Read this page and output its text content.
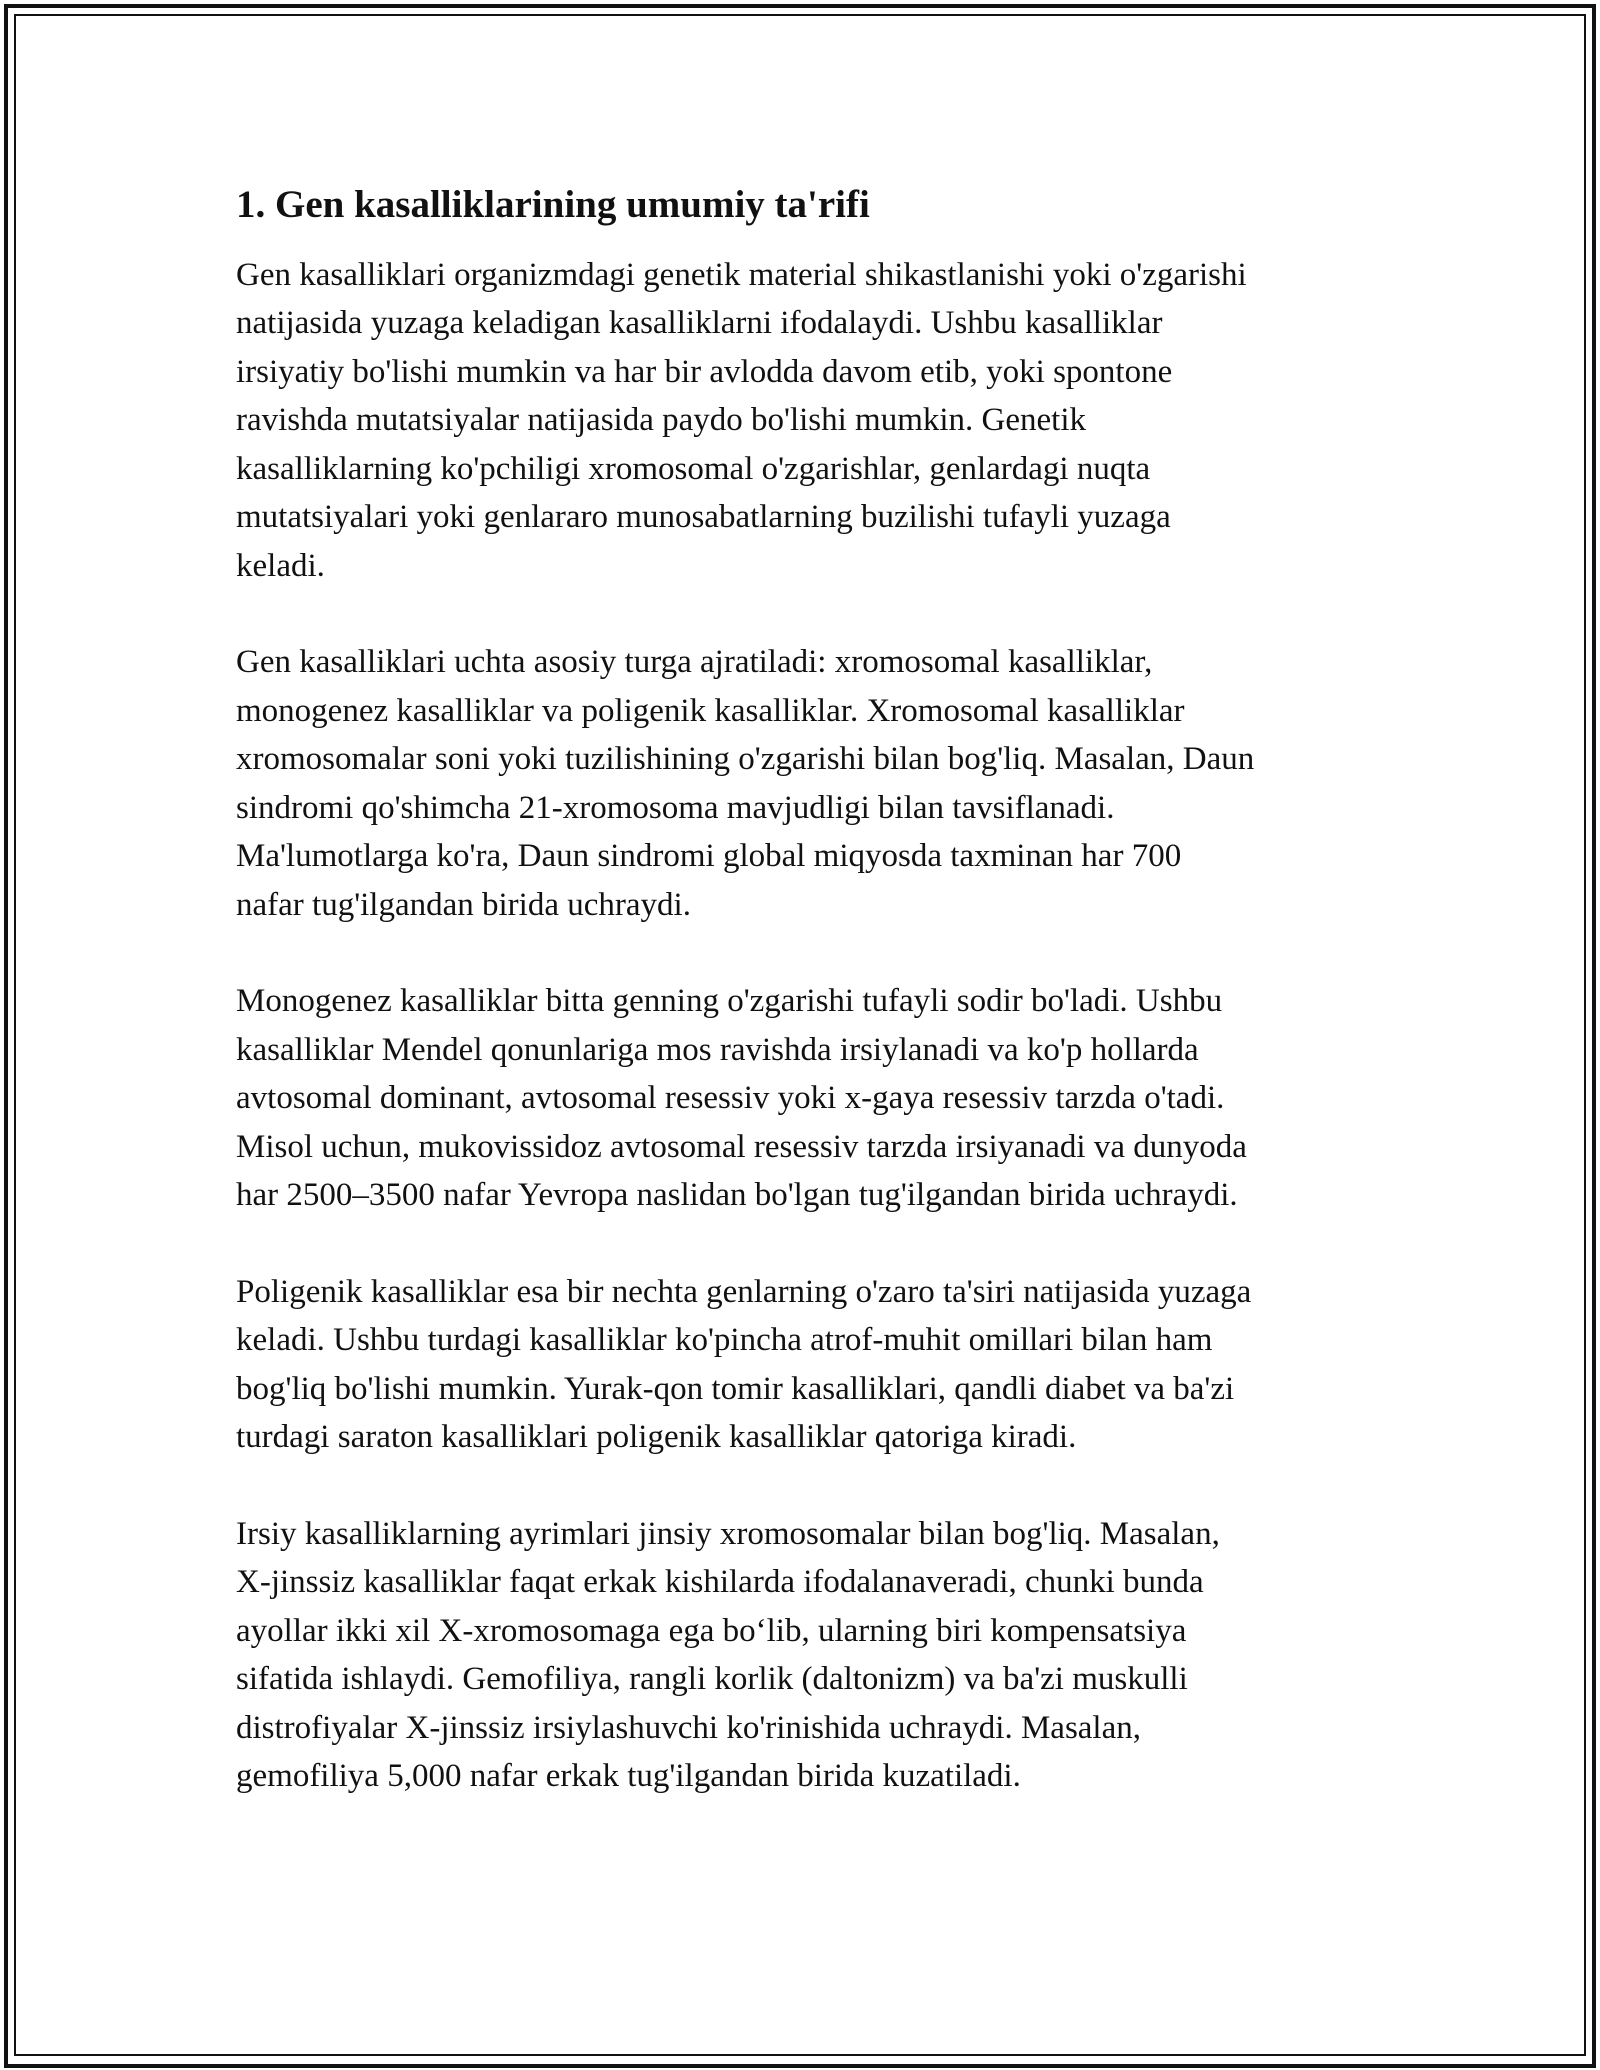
1. Gen kasalliklarining umumiy ta'rifi

Gen kasalliklari organizmdagi genetik material shikastlanishi yoki o'zgarishi
natijasida yuzaga keladigan kasalliklarni ifodalaydi. Ushbu kasalliklar
irsiyatiy bo'lishi mumkin va har bir avlodda davom etib, yoki spontone
ravishda mutatsiyalar natijasida paydo bo'lishi mumkin. Genetik
kasalliklarning ko'pchiligi xromosomal o'zgarishlar, genlardagi nuqta
mutatsiyalari yoki genlararo munosabatlarning buzilishi tufayli yuzaga
keladi.

Gen kasalliklari uchta asosiy turga ajratiladi: xromosomal kasalliklar,
monogenez kasalliklar va poligenik kasalliklar. Xromosomal kasalliklar
xromosomalar soni yoki tuzilishining o'zgarishi bilan bog'liq. Masalan, Daun
sindromi qo'shimcha 21-xromosoma mavjudligi bilan tavsiflanadi.
Ma'lumotlarga ko'ra, Daun sindromi global miqyosda taxminan har 700
nafar tug'ilgandan birida uchraydi.

Monogenez kasalliklar bitta genning o'zgarishi tufayli sodir bo'ladi. Ushbu
kasalliklar Mendel qonunlariga mos ravishda irsiylanadi va ko'p hollarda
avtosomal dominant, avtosomal resessiv yoki x-gaya resessiv tarzda o'tadi.
Misol uchun, mukovissidoz avtosomal resessiv tarzda irsiyanadi va dunyoda
har 2500–3500 nafar Yevropa naslidan bo'lgan tug'ilgandan birida uchraydi.

Poligenik kasalliklar esa bir nechta genlarning o'zaro ta'siri natijasida yuzaga
keladi. Ushbu turdagi kasalliklar ko'pincha atrof-muhit omillari bilan ham
bog'liq bo'lishi mumkin. Yurak-qon tomir kasalliklari, qandli diabet va ba'zi
turdagi saraton kasalliklari poligenik kasalliklar qatoriga kiradi.

Irsiy kasalliklarning ayrimlari jinsiy xromosomalar bilan bog'liq. Masalan,
X-jinssiz kasalliklar faqat erkak kishilarda ifodalanaveradi, chunki bunda
ayollar ikki xil X-xromosomaga ega bo‘lib, ularning biri kompensatsiya
sifatida ishlaydi. Gemofiliya, rangli korlik (daltonizm) va ba'zi muskulli
distrofiyalar X-jinssiz irsiylashuvchi ko'rinishida uchraydi. Masalan,
gemofiliya 5,000 nafar erkak tug'ilgandan birida kuzatiladi.
